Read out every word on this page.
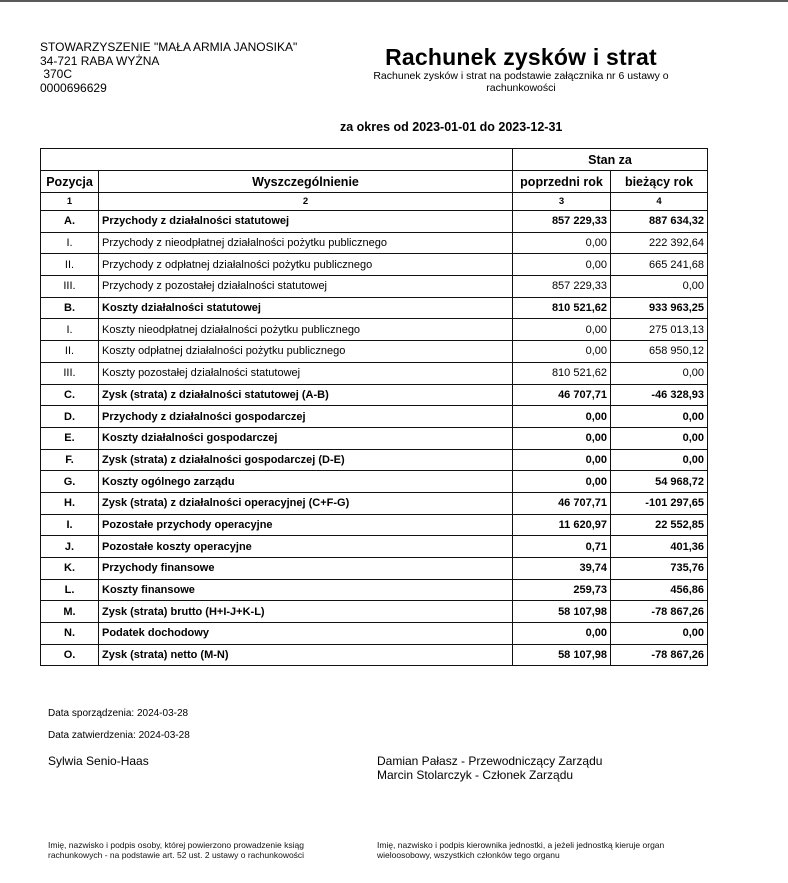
STOWARZYSZENIE "MAŁA ARMIA JANOSIKA"
34-721 RABA WYŻNA
370C
0000696629
Rachunek zysków i strat
Rachunek zysków i strat na podstawie załącznika nr 6 ustawy o rachunkowości
za okres od 2023-01-01 do 2023-12-31
		Stan za	
Pozycja	Wyszczególnienie	poprzedni rok	bieżący rok
1	2	3	4
A.	Przychody z działalności statutowej	857 229,33	887 634,32
I.	Przychody z nieodpłatnej działalności pożytku publicznego	0,00	222 392,64
II.	Przychody z odpłatnej działalności pożytku publicznego	0,00	665 241,68
III.	Przychody z pozostałej działalności statutowej	857 229,33	0,00
B.	Koszty działalności statutowej	810 521,62	933 963,25
I.	Koszty nieodpłatnej działalności pożytku publicznego	0,00	275 013,13
II.	Koszty odpłatnej działalności pożytku publicznego	0,00	658 950,12
III.	Koszty pozostałej działalności statutowej	810 521,62	0,00
C.	Zysk (strata) z działalności statutowej (A-B)	46 707,71	-46 328,93
D.	Przychody z działalności gospodarczej	0,00	0,00
E.	Koszty działalności gospodarczej	0,00	0,00
F.	Zysk (strata) z działalności gospodarczej (D-E)	0,00	0,00
G.	Koszty ogólnego zarządu	0,00	54 968,72
H.	Zysk (strata) z działalności operacyjnej (C+F-G)	46 707,71	-101 297,65
I.	Pozostałe przychody operacyjne	11 620,97	22 552,85
J.	Pozostałe koszty operacyjne	0,71	401,36
K.	Przychody finansowe	39,74	735,76
L.	Koszty finansowe	259,73	456,86
M.	Zysk (strata) brutto (H+I-J+K-L)	58 107,98	-78 867,26
N.	Podatek dochodowy	0,00	0,00
O.	Zysk (strata) netto (M-N)	58 107,98	-78 867,26
Data sporządzenia: 2024-03-28
Data zatwierdzenia: 2024-03-28
Sylwia Senio-Haas	Damian Pałasz - Przewodniczący Zarządu
Marcin Stolarczyk - Członek Zarządu
Imię, nazwisko i podpis osoby, której powierzono prowadzenie ksiąg
rachunkowych - na podstawie art. 52 ust. 2 ustawy o rachunkowości
Imię, nazwisko i podpis kierownika jednostki, a jeżeli jednostką kieruje organ
wieloosobowy, wszystkich członków tego organu
